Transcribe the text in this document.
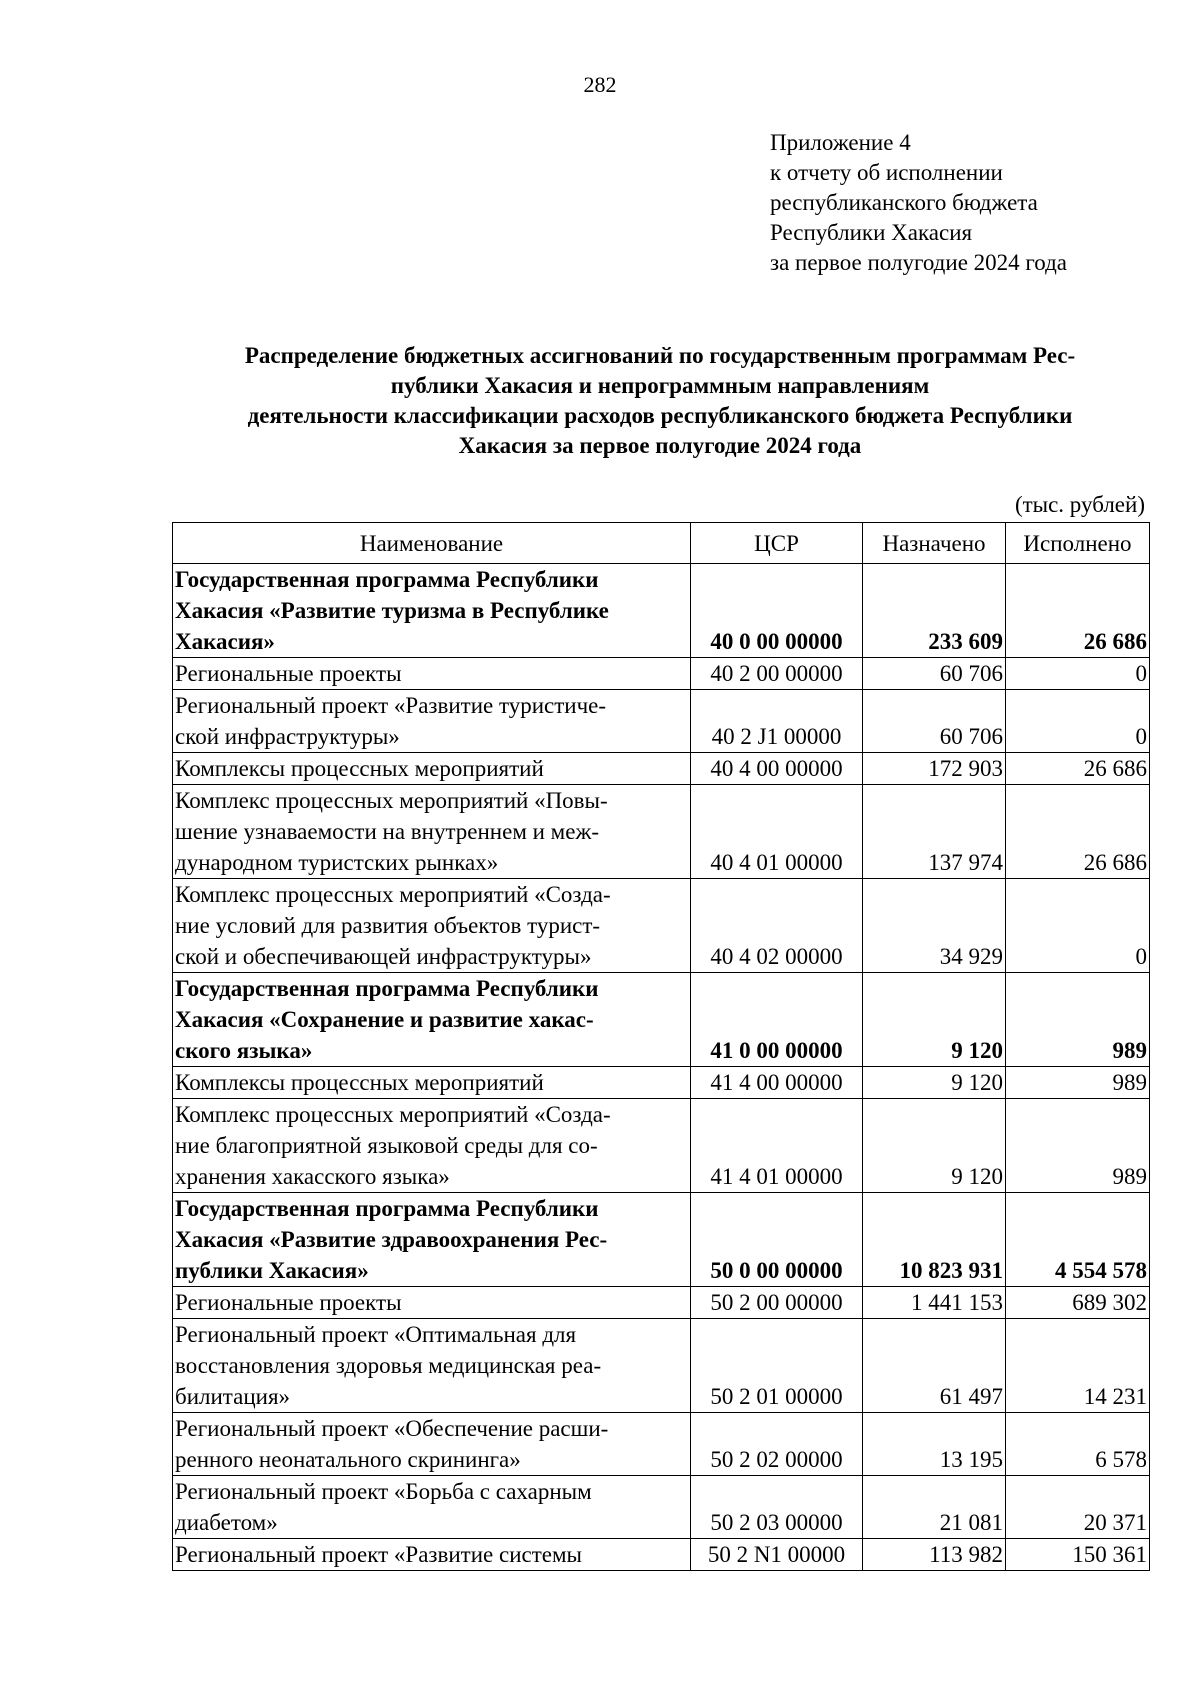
282
Приложение 4
к отчету об исполнении
республиканского бюджета
Республики Хакасия
за первое полугодие 2024 года
Распределение бюджетных ассигнований по государственным программам Рес-
публики Хакасия и непрограммным направлениям
деятельности классификации расходов республиканского бюджета Республики
Хакасия за первое полугодие 2024 года
(тыс. рублей)
Наименование	ЦСР	Назначено	Исполнено

Государственная программа Республики
Хакасия «Развитие туризма в Республике
Хакасия»	40 0 00 00000	233 609	26 686

Региональные проекты	40 2 00 00000	60 706	0

Региональный проект «Развитие туристиче-
ской инфраструктуры»	40 2 J1 00000	60 706	0

Комплексы процессных мероприятий	40 4 00 00000	172 903	26 686

Комплекс процессных мероприятий «Повы-
шение узнаваемости на внутреннем и меж-
дународном туристских рынках»	40 4 01 00000	137 974	26 686

Комплекс процессных мероприятий «Созда-
ние условий для развития объектов турист-
ской и обеспечивающей инфраструктуры»	40 4 02 00000	34 929	0

Государственная программа Республики
Хакасия «Сохранение и развитие хакас-
ского языка»	41 0 00 00000	9 120	989

Комплексы процессных мероприятий	41 4 00 00000	9 120	989

Комплекс процессных мероприятий «Созда-
ние благоприятной языковой среды для со-
хранения хакасского языка»	41 4 01 00000	9 120	989

Государственная программа Республики
Хакасия «Развитие здравоохранения Рес-
публики Хакасия»	50 0 00 00000	10 823 931	4 554 578

Региональные проекты	50 2 00 00000	1 441 153	689 302

Региональный проект «Оптимальная для
восстановления здоровья медицинская реа-
билитация»	50 2 01 00000	61 497	14 231

Региональный проект «Обеспечение расши-
ренного неонатального скрининга»	50 2 02 00000	13 195	6 578

Региональный проект «Борьба с сахарным
диабетом»	50 2 03 00000	21 081	20 371

Региональный проект «Развитие системы	50 2 N1 00000	113 982	150 361
